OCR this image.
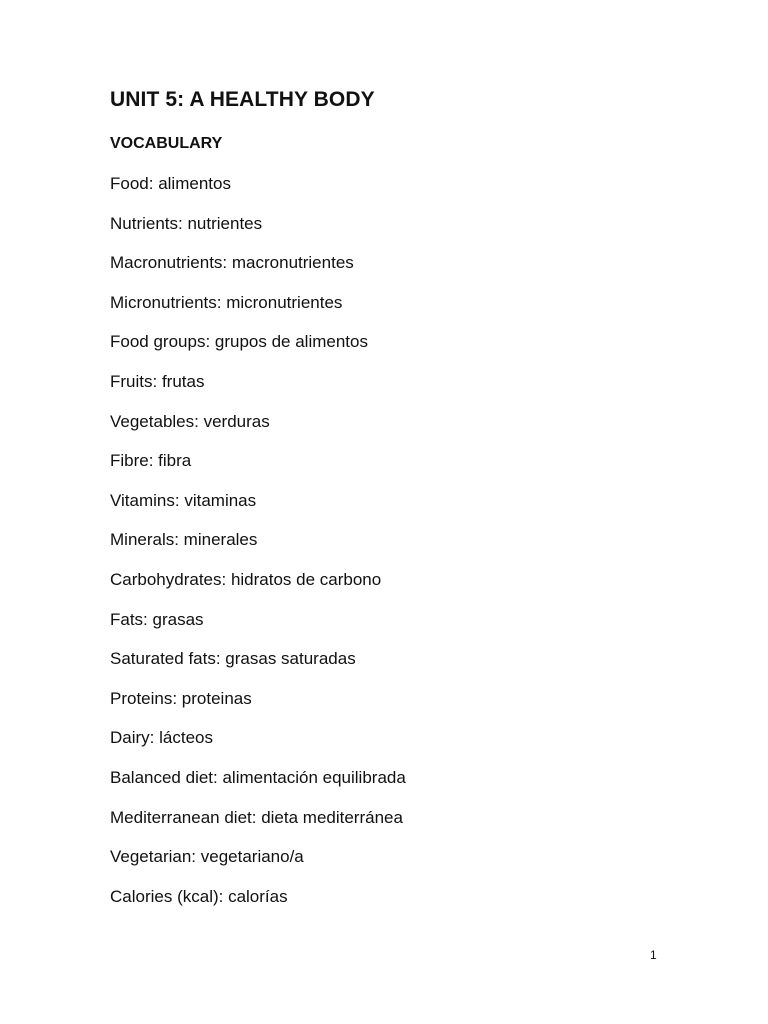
UNIT 5: A HEALTHY BODY
VOCABULARY
Food: alimentos
Nutrients: nutrientes
Macronutrients: macronutrientes
Micronutrients: micronutrientes
Food groups: grupos de alimentos
Fruits: frutas
Vegetables: verduras
Fibre: fibra
Vitamins: vitaminas
Minerals: minerales
Carbohydrates: hidratos de carbono
Fats: grasas
Saturated fats: grasas saturadas
Proteins: proteinas
Dairy: lácteos
Balanced diet: alimentación equilibrada
Mediterranean diet: dieta mediterránea
Vegetarian: vegetariano/a
Calories (kcal): calorías
1
